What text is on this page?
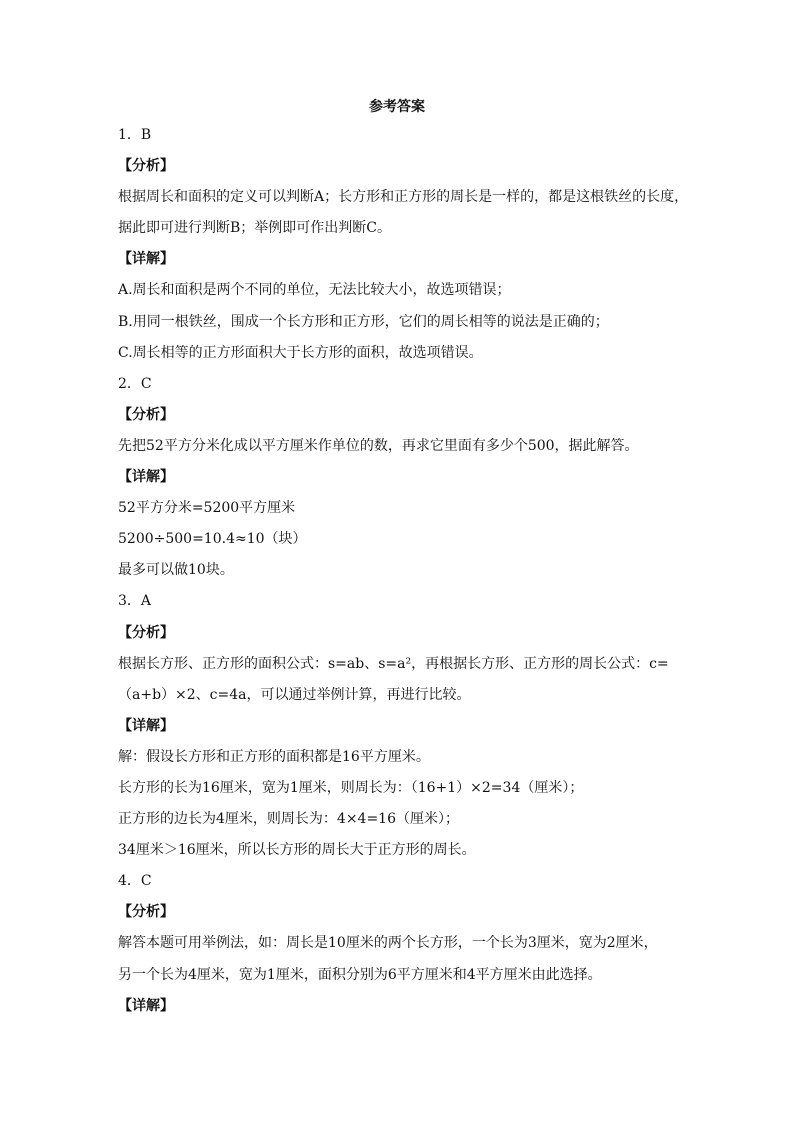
参考答案
1．B
【分析】
根据周长和面积的定义可以判断A；长方形和正方形的周长是一样的，都是这根铁丝的长度，
据此即可进行判断B；举例即可作出判断C。
【详解】
A.周长和面积是两个不同的单位，无法比较大小，故选项错误；
B.用同一根铁丝，围成一个长方形和正方形，它们的周长相等的说法是正确的；
C.周长相等的正方形面积大于长方形的面积，故选项错误。
2．C
【分析】
先把52平方分米化成以平方厘米作单位的数，再求它里面有多少个500，据此解答。
【详解】
52平方分米=5200平方厘米
5200÷500=10.4≈10（块）
最多可以做10块。
3．A
【分析】
根据长方形、正方形的面积公式：s=ab、s=a²，再根据长方形、正方形的周长公式：c=
（a+b）×2、c=4a，可以通过举例计算，再进行比较。
【详解】
解：假设长方形和正方形的面积都是16平方厘米。
长方形的长为16厘米，宽为1厘米，则周长为：（16+1）×2=34（厘米）；
正方形的边长为4厘米，则周长为：4×4=16（厘米）；
34厘米＞16厘米，所以长方形的周长大于正方形的周长。
4．C
【分析】
解答本题可用举例法，如：周长是10厘米的两个长方形，一个长为3厘米，宽为2厘米，
另一个长为4厘米，宽为1厘米，面积分别为6平方厘米和4平方厘米由此选择。
【详解】
